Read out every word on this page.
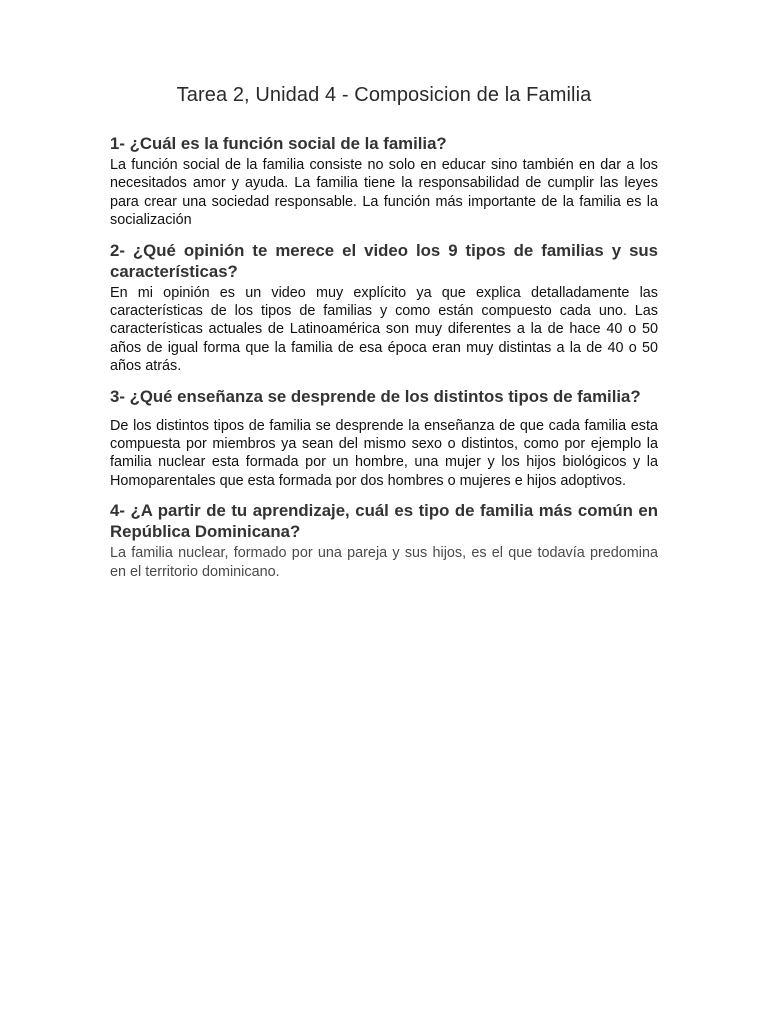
Tarea 2, Unidad 4 - Composicion de la Familia
1- ¿Cuál es la función social de la familia?

La función social de la familia consiste no solo en educar sino también en dar a los necesitados amor y ayuda. La familia tiene la responsabilidad de cumplir las leyes para crear una sociedad responsable. La función más importante de la familia es la socialización

2- ¿Qué opinión te merece el video los 9 tipos de familias y sus características?

En mi opinión es un video muy explícito ya que explica detalladamente las características de los tipos de familias y como están compuesto cada uno. Las características actuales de Latinoamérica son muy diferentes a la de hace 40 o 50 años de igual forma que la familia de esa época eran muy distintas a la de 40 o 50 años atrás.

3- ¿Qué enseñanza se desprende de los distintos tipos de familia?

De los distintos tipos de familia se desprende la enseñanza de que cada familia esta compuesta por miembros ya sean del mismo sexo o distintos, como por ejemplo la familia nuclear esta formada por un hombre, una mujer y los hijos biológicos y la Homoparentales que esta formada por dos hombres o mujeres e hijos adoptivos.

4- ¿A partir de tu aprendizaje, cuál es tipo de familia más común en República Dominicana?

La familia nuclear, formado por una pareja y sus hijos, es el que todavía predomina en el territorio dominicano.
